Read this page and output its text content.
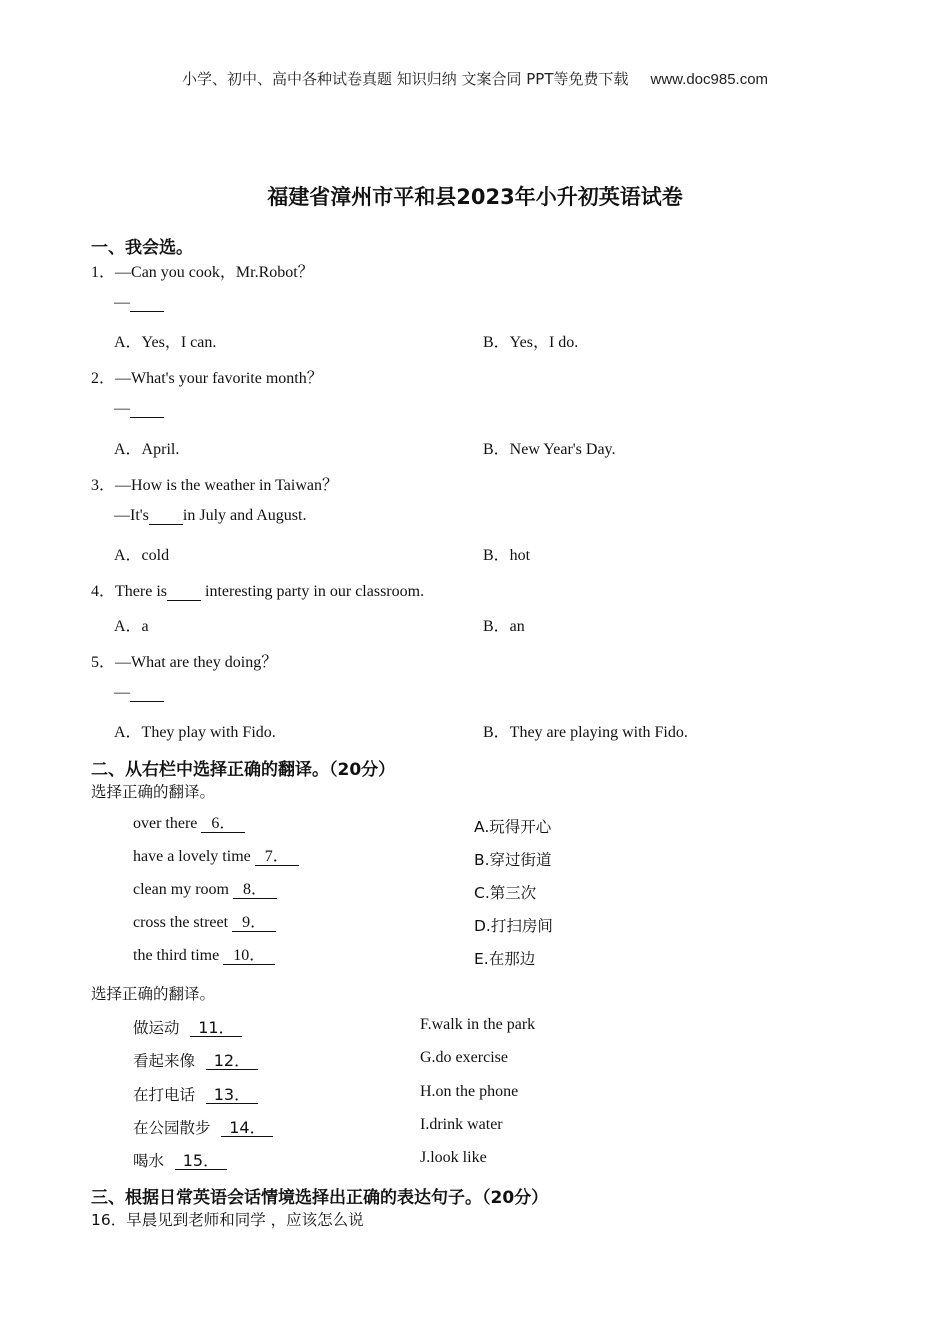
小学、初中、高中各种试卷真题 知识归纳 文案合同 PPT等免费下载 www.doc985.com
福建省漳州市平和县2023年小升初英语试卷
一、我会选。
1．—Can you cook，Mr.Robot？
—
A．Yes，I can.	B．Yes，I do.
2．—What's your favorite month？
—
A．April.	B．New Year's Day.
3．—How is the weather in Taiwan？
—It's in July and August.
A．cold	B．hot
4．There is  interesting party in our classroom.
A．a	B．an
5．—What are they doing？
—
A．They play with Fido.	B．They are playing with Fido.
二、从右栏中选择正确的翻译。（20分）
选择正确的翻译。
over there 6．	A.玩得开心
have a lovely time 7．	B.穿过街道
clean my room 8．	C.第三次
cross the street 9．	D.打扫房间
the third time 10．	E.在那边
选择正确的翻译。
做运动 11．	F.walk in the park
看起来像 12．	G.do exercise
在打电话 13．	H.on the phone
在公园散步 14．	I.drink water
喝水 15．	J.look like
三、根据日常英语会话情境选择出正确的表达句子。（20分）
16．早晨见到老师和同学 ，应该怎么说
